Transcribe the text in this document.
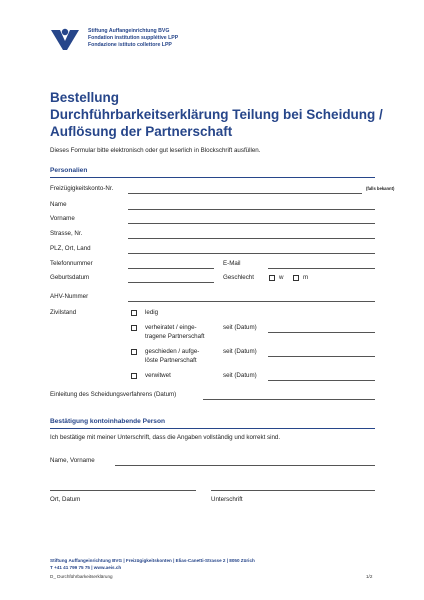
Stiftung Auffangeinrichtung BVG
Fondation institution supplétive LPP
Fondazione istituto collettore LPP
Bestellung
Durchführbarkeitserklärung Teilung bei Scheidung /
Auflösung der Partnerschaft
Dieses Formular bitte elektronisch oder gut leserlich in Blockschrift ausfüllen.
Personalien
Freizügigkeitskonto-Nr.	(falls bekannt)
Name
Vorname
Strasse, Nr.
PLZ, Ort, Land
Telefonnummer	E-Mail
Geburtsdatum	Geschlecht	w	m
AHV-Nummer
Zivilstand	ledig
verheiratet / einge-
tragene Partnerschaft
seit (Datum)
geschieden / aufge-
löste Partnerschaft
seit (Datum)
verwitwet	seit (Datum)
Einleitung des Scheidungsverfahrens (Datum)
Bestätigung kontoinhabende Person
Ich bestätige mit meiner Unterschrift, dass die Angaben vollständig und korrekt sind.
Name, Vorname
Ort, Datum	Unterschrift
Stiftung Auffangeinrichtung BVG | Freizügigkeitskonten | Elias-Canetti-Strasse 2 | 8050 Zürich
T +41 41 799 75 75 | www.aeis.ch
D_ Durchführbarkeitserklärung	1/2
